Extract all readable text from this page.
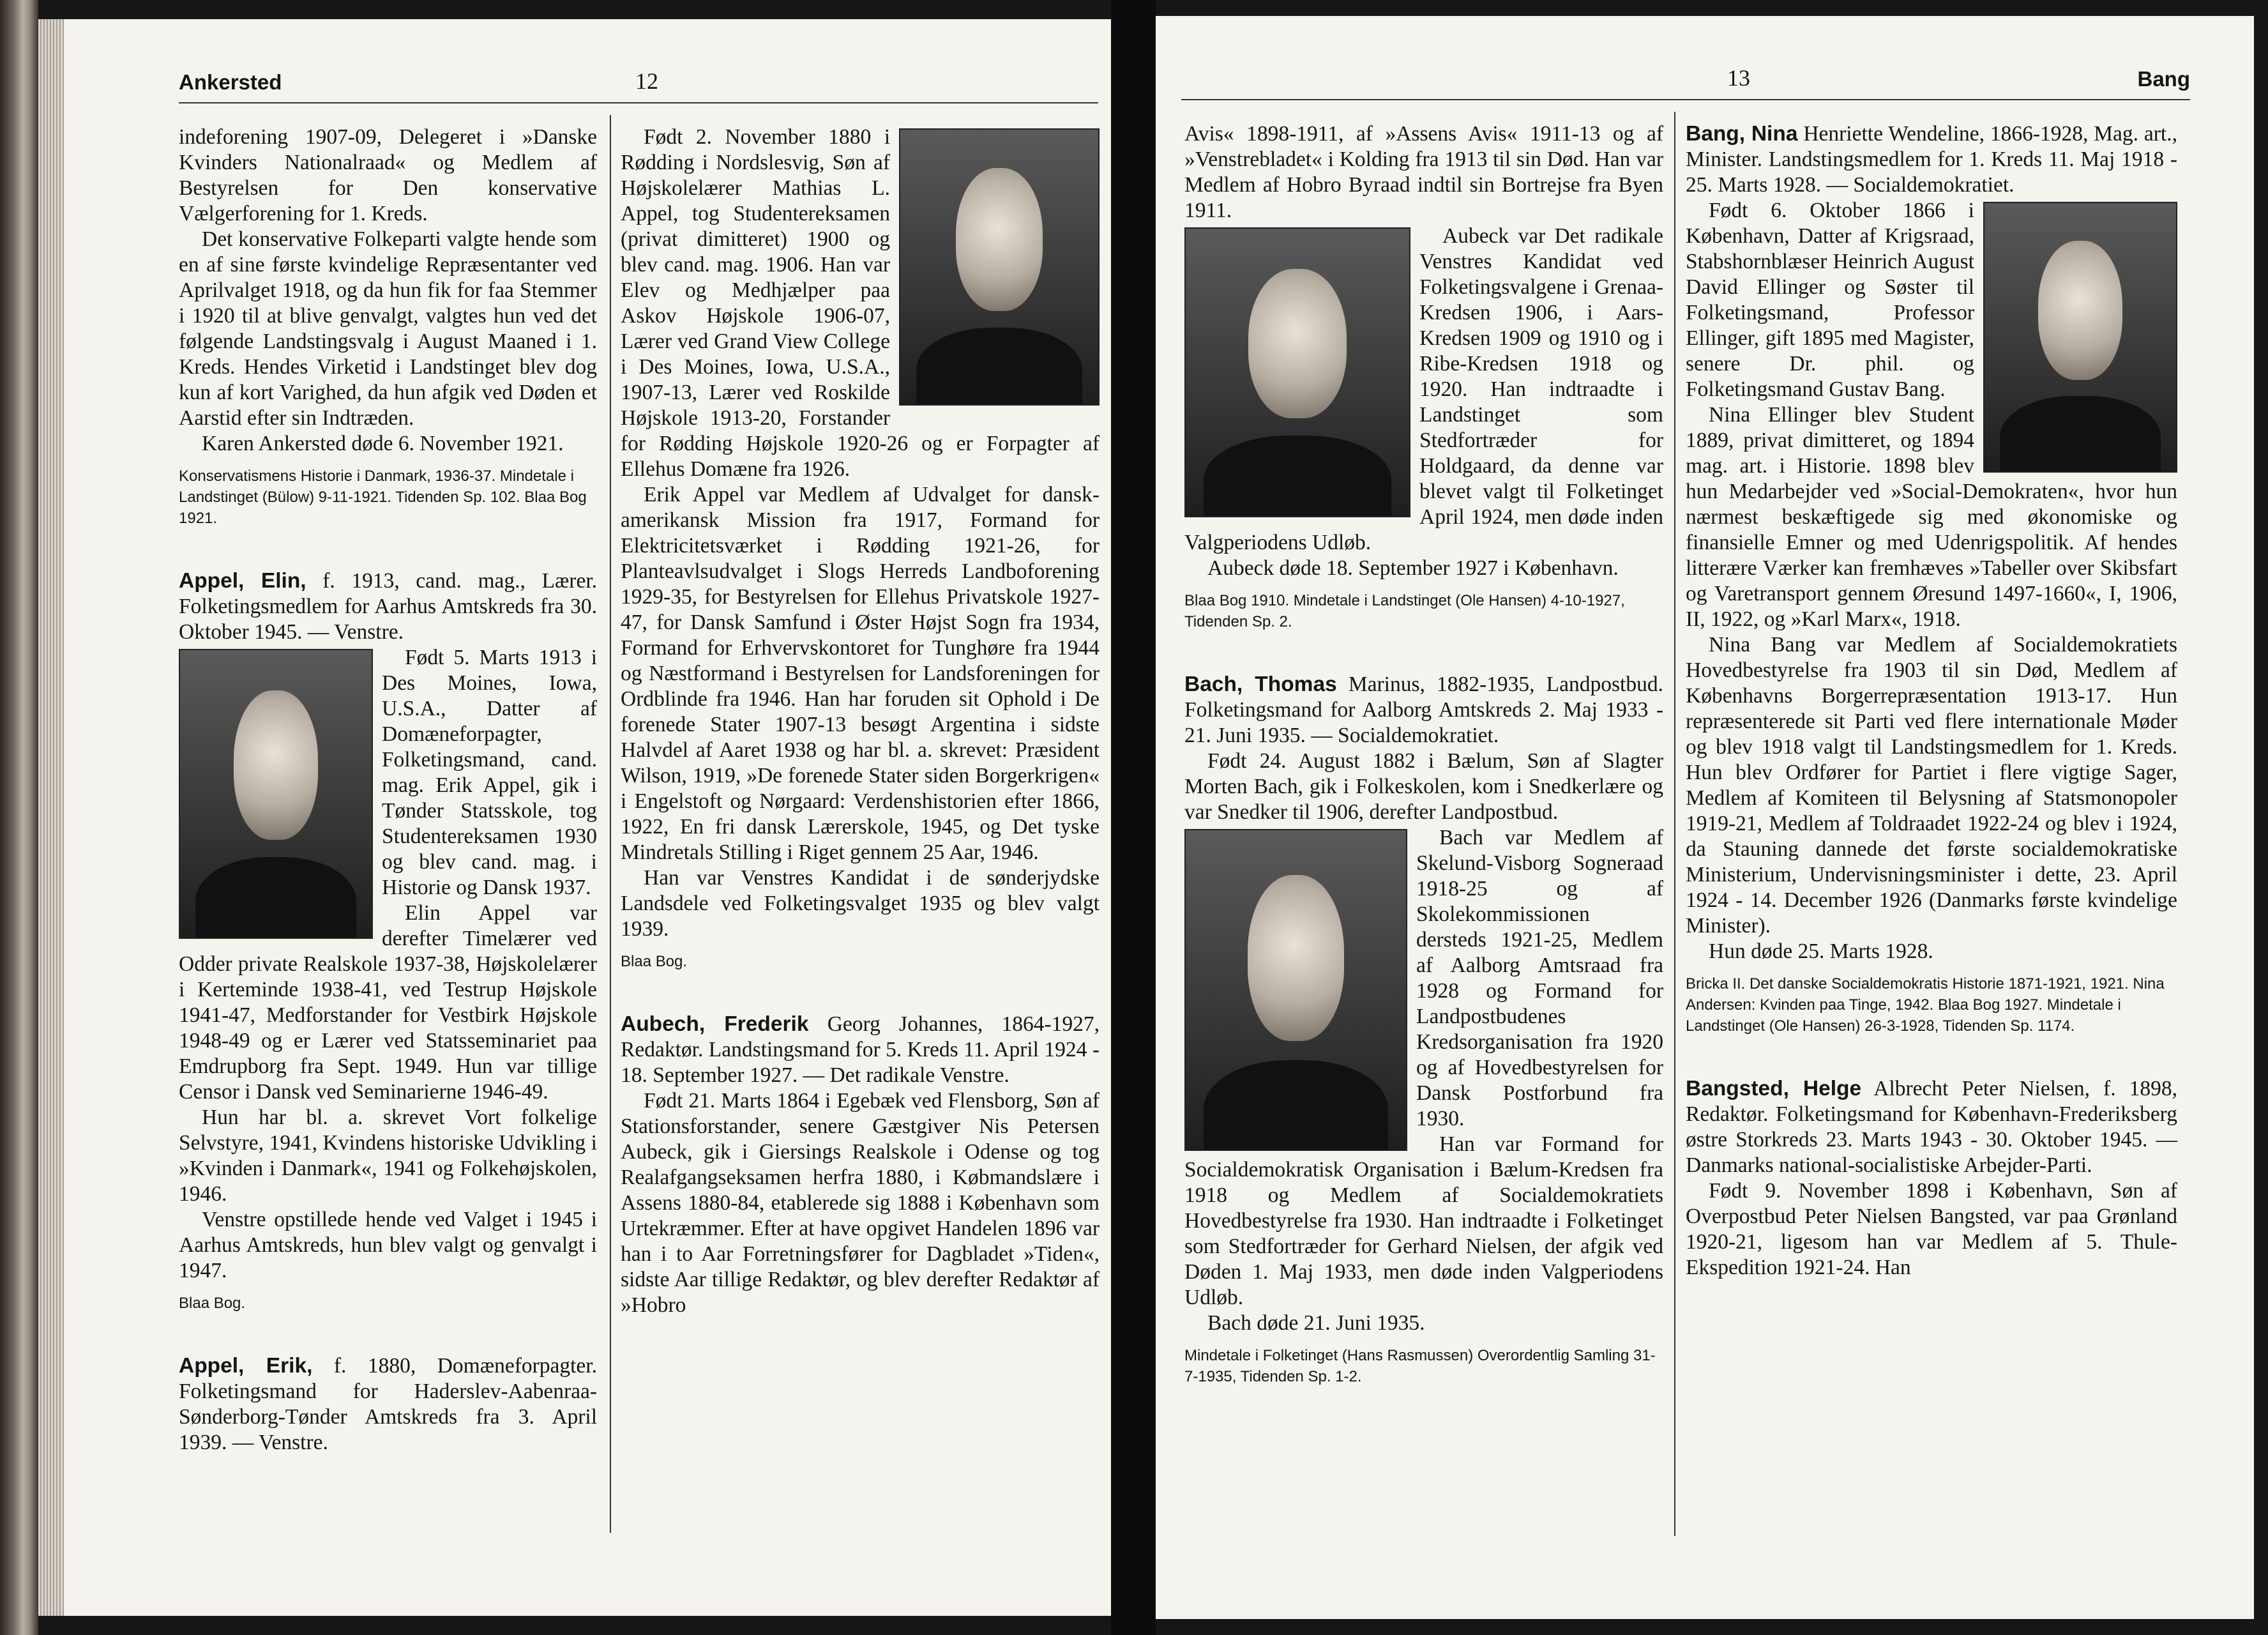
Ankersted	12

indeforening 1907-09, Delegeret i »Danske Kvinders Nationalraad« og Medlem af Bestyrelsen for Den konservative Vælgerforening for 1. Kreds.

Det konservative Folkeparti valgte hende som en af sine første kvindelige Repræsentanter ved Aprilvalget 1918, og da hun fik for faa Stemmer i 1920 til at blive genvalgt, valgtes hun ved det følgende Landstingsvalg i August Maaned i 1. Kreds. Hendes Virketid i Landstinget blev dog kun af kort Varighed, da hun afgik ved Døden et Aarstid efter sin Indtræden.

Karen Ankersted døde 6. November 1921.

Konservatismens Historie i Danmark, 1936-37. Mindetale i Landstinget (Bülow) 9-11-1921. Tidenden Sp. 102. Blaa Bog 1921.

Appel, Elin, f. 1913, cand. mag., Lærer. Folketingsmedlem for Aarhus Amtskreds fra 30. Oktober 1945. — Venstre.

Født 5. Marts 1913 i Des Moines, Iowa, U.S.A., Datter af Domæneforpagter, Folketingsmand, cand. mag. Erik Appel, gik i Tønder Statsskole, tog Studentereksamen 1930 og blev cand. mag. i Historie og Dansk 1937.

Elin Appel var derefter Timelærer ved Odder private Realskole 1937-38, Højskolelærer i Kerteminde 1938-41, ved Testrup Højskole 1941-47, Medforstander for Vestbirk Højskole 1948-49 og er Lærer ved Statsseminariet paa Emdrupborg fra Sept. 1949. Hun var tillige Censor i Dansk ved Seminarierne 1946-49.

Hun har bl. a. skrevet Vort folkelige Selvstyre, 1941, Kvindens historiske Udvikling i »Kvinden i Danmark«, 1941 og Folkehøjskolen, 1946.

Venstre opstillede hende ved Valget i 1945 i Aarhus Amtskreds, hun blev valgt og genvalgt i 1947.

Blaa Bog.

Appel, Erik, f. 1880, Domæneforpagter. Folketingsmand for Haderslev-Aabenraa-Sønderborg-Tønder Amtskreds fra 3. April 1939. — Venstre.

Født 2. November 1880 i Rødding i Nordslesvig, Søn af Højskolelærer Mathias L. Appel, tog Studentereksamen (privat dimitteret) 1900 og blev cand. mag. 1906. Han var Elev og Medhjælper paa Askov Højskole 1906-07, Lærer ved Grand View College i Des Moines, Iowa, U.S.A., 1907-13, Lærer ved Roskilde Højskole 1913-20, Forstander for Rødding Højskole 1920-26 og er Forpagter af Ellehus Domæne fra 1926.

Erik Appel var Medlem af Udvalget for dansk-amerikansk Mission fra 1917, Formand for Elektricitetsværket i Rødding 1921-26, for Planteavlsudvalget i Slogs Herreds Landboforening 1929-35, for Bestyrelsen for Ellehus Privatskole 1927-47, for Dansk Samfund i Øster Højst Sogn fra 1934, Formand for Erhvervskontoret for Tunghøre fra 1944 og Næstformand i Bestyrelsen for Landsforeningen for Ordblinde fra 1946. Han har foruden sit Ophold i De forenede Stater 1907-13 besøgt Argentina i sidste Halvdel af Aaret 1938 og har bl. a. skrevet: Præsident Wilson, 1919, »De forenede Stater siden Borgerkrigen« i Engelstoft og Nørgaard: Verdenshistorien efter 1866, 1922, En fri dansk Lærerskole, 1945, og Det tyske Mindretals Stilling i Riget gennem 25 Aar, 1946.

Han var Venstres Kandidat i de sønderjydske Landsdele ved Folketingsvalget 1935 og blev valgt 1939.

Blaa Bog.

Aubech, Frederik Georg Johannes, 1864-1927, Redaktør. Landstingsmand for 5. Kreds 11. April 1924 - 18. September 1927. — Det radikale Venstre.

Født 21. Marts 1864 i Egebæk ved Flensborg, Søn af Stationsforstander, senere Gæstgiver Nis Petersen Aubeck, gik i Giersings Realskole i Odense og tog Realafgangseksamen herfra 1880, i Købmandslære i Assens 1880-84, etablerede sig 1888 i København som Urtekræmmer. Efter at have opgivet Handelen 1896 var han i to Aar Forretningsfører for Dagbladet »Tiden«, sidste Aar tillige Redaktør, og blev derefter Redaktør af »Hobro

13	Bang

Avis« 1898-1911, af »Assens Avis« 1911-13 og af »Venstrebladet« i Kolding fra 1913 til sin Død. Han var Medlem af Hobro Byraad indtil sin Bortrejse fra Byen 1911.

Aubeck var Det radikale Venstres Kandidat ved Folketingsvalgene i Grenaa-Kredsen 1906, i Aars-Kredsen 1909 og 1910 og i Ribe-Kredsen 1918 og 1920. Han indtraadte i Landstinget som Stedfortræder for Holdgaard, da denne var blevet valgt til Folketinget April 1924, men døde inden Valgperiodens Udløb.

Aubeck døde 18. September 1927 i København.

Blaa Bog 1910. Mindetale i Landstinget (Ole Hansen) 4-10-1927, Tidenden Sp. 2.

Bach, Thomas Marinus, 1882-1935, Landpostbud. Folketingsmand for Aalborg Amtskreds 2. Maj 1933 - 21. Juni 1935. — Socialdemokratiet.

Født 24. August 1882 i Bælum, Søn af Slagter Morten Bach, gik i Folkeskolen, kom i Snedkerlære og var Snedker til 1906, derefter Landpostbud.

Bach var Medlem af Skelund-Visborg Sogneraad 1918-25 og af Skolekommissionen dersteds 1921-25, Medlem af Aalborg Amtsraad fra 1928 og Formand for Landpostbudenes Kredsorganisation fra 1920 og af Hovedbestyrelsen for Dansk Postforbund fra 1930.

Han var Formand for Socialdemokratisk Organisation i Bælum-Kredsen fra 1918 og Medlem af Socialdemokratiets Hovedbestyrelse fra 1930. Han indtraadte i Folketinget som Stedfortræder for Gerhard Nielsen, der afgik ved Døden 1. Maj 1933, men døde inden Valgperiodens Udløb.

Bach døde 21. Juni 1935.

Mindetale i Folketinget (Hans Rasmussen) Overordentlig Samling 31-7-1935, Tidenden Sp. 1-2.

Bang, Nina Henriette Wendeline, 1866-1928, Mag. art., Minister. Landstingsmedlem for 1. Kreds 11. Maj 1918 - 25. Marts 1928. — Socialdemokratiet.

Født 6. Oktober 1866 i København, Datter af Krigsraad, Stabshornblæser Heinrich August David Ellinger og Søster til Folketingsmand, Professor Ellinger, gift 1895 med Magister, senere Dr. phil. og Folketingsmand Gustav Bang.

Nina Ellinger blev Student 1889, privat dimitteret, og 1894 mag. art. i Historie. 1898 blev hun Medarbejder ved »Social-Demokraten«, hvor hun nærmest beskæftigede sig med økonomiske og finansielle Emner og med Udenrigspolitik. Af hendes litterære Værker kan fremhæves »Tabeller over Skibsfart og Varetransport gennem Øresund 1497-1660«, I, 1906, II, 1922, og »Karl Marx«, 1918.

Nina Bang var Medlem af Socialdemokratiets Hovedbestyrelse fra 1903 til sin Død, Medlem af Københavns Borgerrepræsentation 1913-17. Hun repræsenterede sit Parti ved flere internationale Møder og blev 1918 valgt til Landstingsmedlem for 1. Kreds. Hun blev Ordfører for Partiet i flere vigtige Sager, Medlem af Komiteen til Belysning af Statsmonopoler 1919-21, Medlem af Toldraadet 1922-24 og blev i 1924, da Stauning dannede det første socialdemokratiske Ministerium, Undervisningsminister i dette, 23. April 1924 - 14. December 1926 (Danmarks første kvindelige Minister).

Hun døde 25. Marts 1928.

Bricka II. Det danske Socialdemokratis Historie 1871-1921, 1921. Nina Andersen: Kvinden paa Tinge, 1942. Blaa Bog 1927. Mindetale i Landstinget (Ole Hansen) 26-3-1928, Tidenden Sp. 1174.

Bangsted, Helge Albrecht Peter Nielsen, f. 1898, Redaktør. Folketingsmand for København-Frederiksberg østre Storkreds 23. Marts 1943 - 30. Oktober 1945. — Danmarks national-socialistiske Arbejder-Parti.

Født 9. November 1898 i København, Søn af Overpostbud Peter Nielsen Bangsted, var paa Grønland 1920-21, ligesom han var Medlem af 5. Thule-Ekspedition 1921-24. Han
